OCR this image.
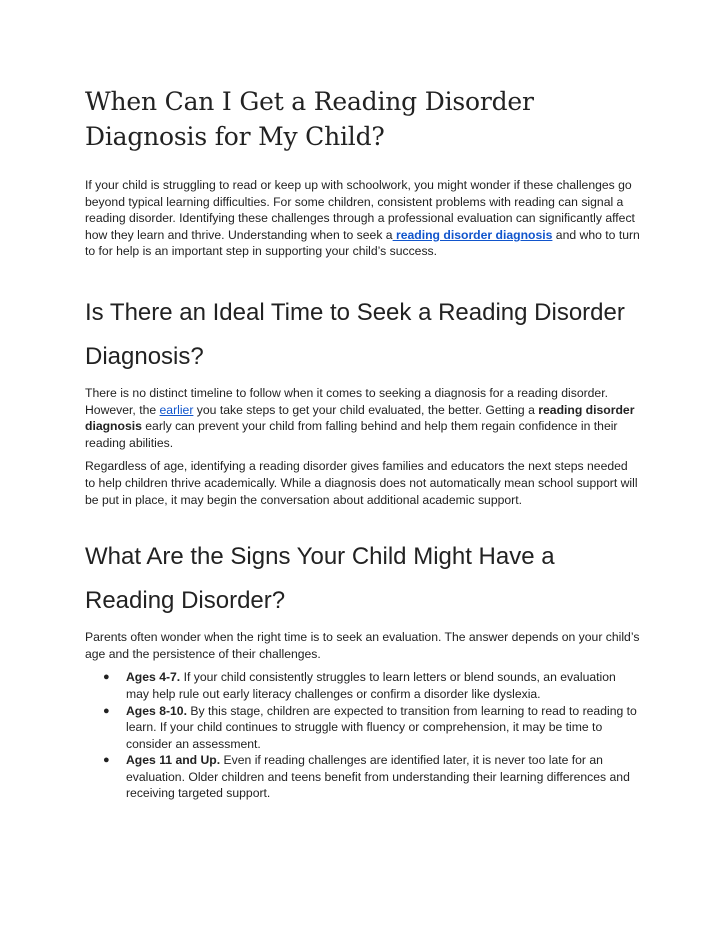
When Can I Get a Reading Disorder Diagnosis for My Child?

If your child is struggling to read or keep up with schoolwork, you might wonder if these challenges go beyond typical learning difficulties. For some children, consistent problems with reading can signal a reading disorder. Identifying these challenges through a professional evaluation can significantly affect how they learn and thrive. Understanding when to seek a reading disorder diagnosis and who to turn to for help is an important step in supporting your child’s success.

Is There an Ideal Time to Seek a Reading Disorder Diagnosis?

There is no distinct timeline to follow when it comes to seeking a diagnosis for a reading disorder. However, the earlier you take steps to get your child evaluated, the better. Getting a reading disorder diagnosis early can prevent your child from falling behind and help them regain confidence in their reading abilities.

Regardless of age, identifying a reading disorder gives families and educators the next steps needed to help children thrive academically. While a diagnosis does not automatically mean school support will be put in place, it may begin the conversation about additional academic support.

What Are the Signs Your Child Might Have a Reading Disorder?

Parents often wonder when the right time is to seek an evaluation. The answer depends on your child’s age and the persistence of their challenges.

● Ages 4-7. If your child consistently struggles to learn letters or blend sounds, an evaluation may help rule out early literacy challenges or confirm a disorder like dyslexia.
● Ages 8-10. By this stage, children are expected to transition from learning to read to reading to learn. If your child continues to struggle with fluency or comprehension, it may be time to consider an assessment.
● Ages 11 and Up. Even if reading challenges are identified later, it is never too late for an evaluation. Older children and teens benefit from understanding their learning differences and receiving targeted support.
